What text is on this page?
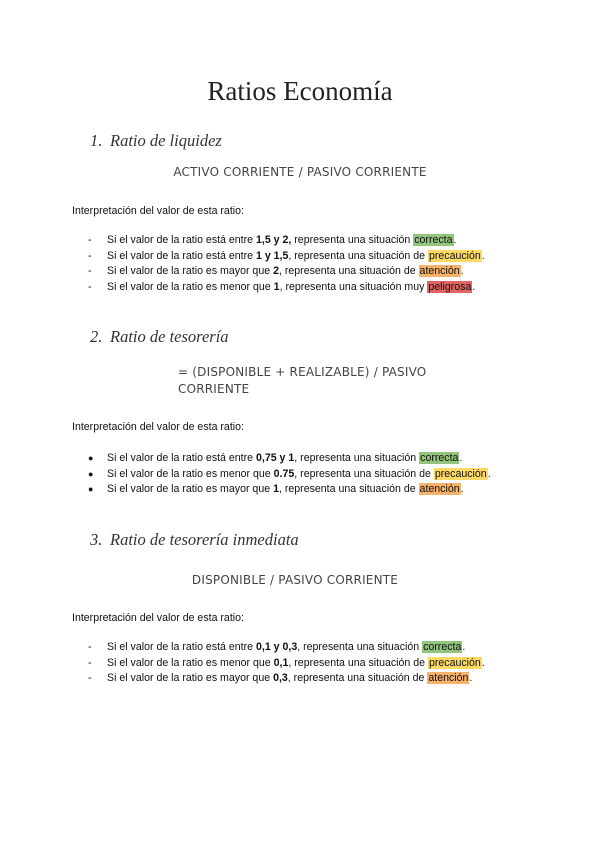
Ratios Economía
1. Ratio de liquidez
ACTIVO CORRIENTE / PASIVO CORRIENTE
Interpretación del valor de esta ratio:
- Si el valor de la ratio está entre 1,5 y 2, representa una situación correcta.
- Si el valor de la ratio está entre 1 y 1,5, representa una situación de precaución.
- Si el valor de la ratio es mayor que 2, representa una situación de atención.
- Si el valor de la ratio es menor que 1, representa una situación muy peligrosa.
2. Ratio de tesorería
= (DISPONIBLE + REALIZABLE) / PASIVO
CORRIENTE
Interpretación del valor de esta ratio:
● Si el valor de la ratio está entre 0,75 y 1, representa una situación correcta.
● Si el valor de la ratio es menor que 0.75, representa una situación de precaución.
● Si el valor de la ratio es mayor que 1, representa una situación de atención.
3. Ratio de tesorería inmediata
DISPONIBLE / PASIVO CORRIENTE
Interpretación del valor de esta ratio:
- Si el valor de la ratio está entre 0,1 y 0,3, representa una situación correcta.
- Si el valor de la ratio es menor que 0,1, representa una situación de precaución.
- Si el valor de la ratio es mayor que 0,3, representa una situación de atención.
